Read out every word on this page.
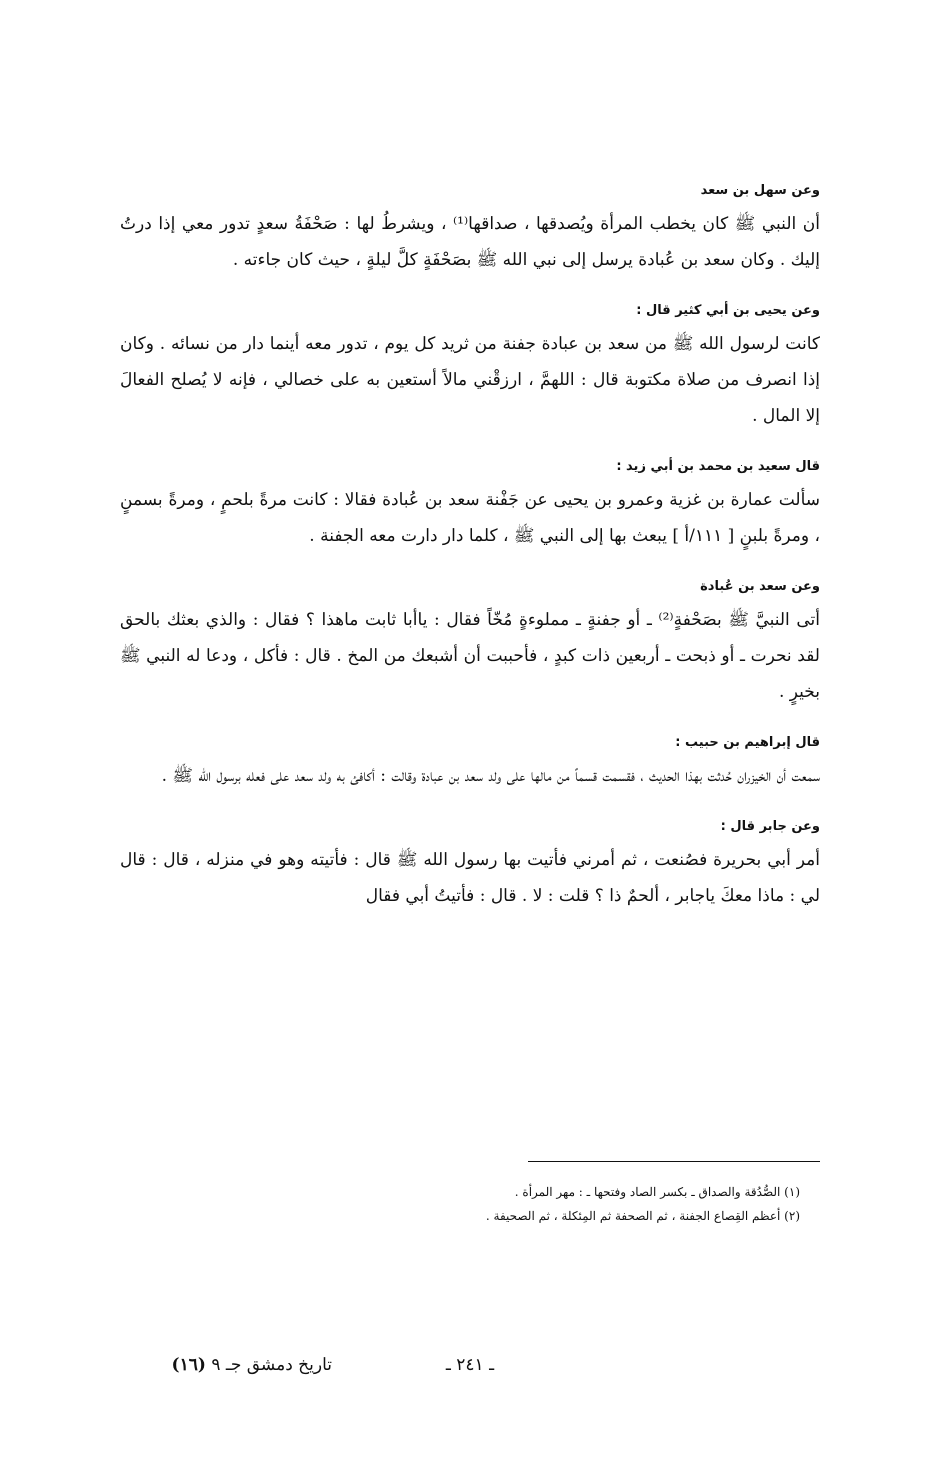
وعن سهل بن سعد

أن النبي ﷺ كان يخطب المرأة ويُصدقها ، صداقها⁽¹⁾ ، ويشرطُ لها : صَحْفَةُ سعدٍ تدور معي إذا درتُ إليك . وكان سعد بن عُبادة يرسل إلى نبي الله ﷺ بصَحْفَةٍ كلَّ ليلةٍ ، حيث كان جاءته .

وعن يحيى بن أبي كثير قال :

كانت لرسول الله ﷺ من سعد بن عبادة جفنة من ثريد كل يوم ، تدور معه أينما دار من نسائه . وكان إذا انصرف من صلاة مكتوبة قال : اللهمَّ ، ارزقْني مالاً أستعين به على خصالي ، فإنه لا يُصلح الفعالَ إلا المال .

قال سعيد بن محمد بن أبي زيد :

سألت عمارة بن غزية وعمرو بن يحيى عن جَفْنة سعد بن عُبادة فقالا : كانت مرةً بلحمٍ ، ومرةً بسمنٍ ، ومرةً بلبنٍ [ ١١١/أ ] يبعث بها إلى النبي ﷺ ، كلما دار دارت معه الجفنة .

وعن سعد بن عُبادة

أتى النبيَّ ﷺ بصَحْفةٍ⁽²⁾ ـ أو جفنةٍ ـ مملوءةٍ مُخّاً فقال : ياأبا ثابت ماهذا ؟ فقال : والذي بعثك بالحق لقد نحرت ـ أو ذبحت ـ أربعين ذات كبدٍ ، فأحببت أن أشبعك من المخ . قال : فأكل ، ودعا له النبي ﷺ بخيرٍ .

قال إبراهيم بن حبيب :

سمعت أن الخيزران حُدثت بهذا الحديث ، فقسمت قسماً من مالها على ولد سعد بن عبادة وقالت : أكافئ به ولد سعد على فعله برسول الله ﷺ .

وعن جابر قال :

أمر أبي بحريرة فصُنعت ، ثم أمرني فأتيت بها رسول الله ﷺ قال : فأتيته وهو في منزله ، قال : قال لي : ماذا معكَ ياجابر ، ألحمٌ ذا ؟ قلت : لا . قال : فأتيتُ أبي فقال

(١) الصُّدُقة والصداق ـ بكسر الصاد وفتحها ـ : مهر المرأة .
(٢) أعظم القِصاع الجفنة ، ثم الصحفة ثم المِئكلة ، ثم الصحيفة .
تاريخ دمشق جـ ٩ (١٦)	ـ ٢٤١ ـ
